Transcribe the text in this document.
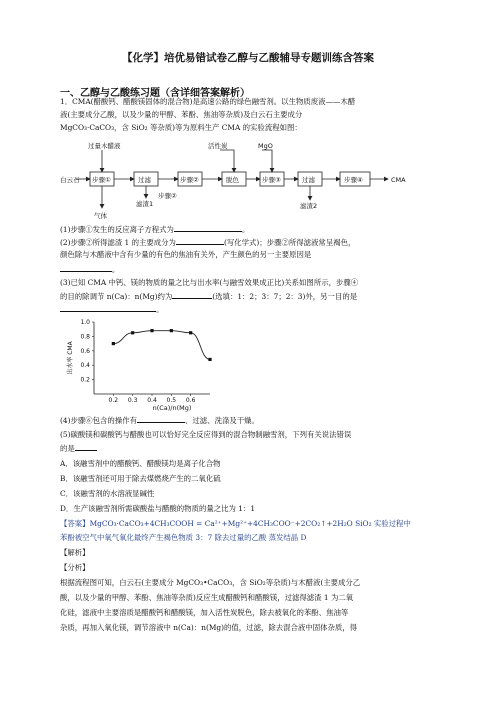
【化学】培优易错试卷乙醇与乙酸辅导专题训练含答案
一、乙醇与乙酸练习题（含详细答案解析）
1．CMA(醋酸钙、醋酸镁固体的混合物)是高速公路的绿色融雪剂。以生物质废液——木醋
液(主要成分乙酸，以及少量的甲醇、苯酚、焦油等杂质)及白云石主要成分
MgCO₃·CaCO₃，含 SiO₂ 等杂质)等为原料生产 CMA 的实验流程如图：
过量木醋液	活性炭	MgO
白云石	CMA
步骤①	过滤	步骤②	脱色	步骤③	过滤	步骤④
气体
滤渣1
步骤②
滤渣2
(1)步骤①发生的反应离子方程式为	。
(2)步骤②所得滤渣 1 的主要成分为	(写化学式)；步骤②所得滤液常呈褐色，
颜色除与木醋液中含有少量的有色的焦油有关外，产生颜色的另一主要原因是
。
(3)已知 CMA 中钙、镁的物质的量之比与出水率(与融雪效果成正比)关系如图所示，步骤④
的目的除调节 n(Ca)：n(Mg)约为	(选填：1：2；3：7；2：3)外，另一目的是
。
1.0
0.8
0.6
0.4
0.2
0.2 0.3 0.4 0.5 0.6
出水率 CMA
n(Ca)/n(Mg)
(4)步骤⑥包含的操作有	、过滤、洗涤及干燥。
(5)碳酸镁和碳酸钙与醋酸也可以恰好完全反应得到的混合物制融雪剂，下列有关说法错误
的是
A．该融雪剂中的醋酸钙、醋酸镁均是离子化合物
B．该融雪剂还可用于除去煤燃烧产生的二氧化硫
C．该融雪剂的水溶液显碱性
D．生产该融雪剂所需碳酸盐与醋酸的物质的量之比为 1：1
【答案】MgCO₃·CaCO₃+4CH₃COOH = Ca²⁺+Mg²⁺+4CH₃COO⁻+2CO₂↑+2H₂O SiO₂ 实验过程中
苯酚被空气中氧气氧化最终产生褐色物质 3：7 除去过量的乙酸 蒸发结晶 D
【解析】
【分析】
根据流程图可知，白云石(主要成分 MgCO₃•CaCO₃，含 SiO₂等杂质)与木醋液(主要成分乙
酸，以及少量的甲醇、苯酚、焦油等杂质)反应生成醋酸钙和醋酸镁，过滤得滤渣 1 为二氧
化硅，滤液中主要溶质是醋酸钙和醋酸镁，加入活性炭脱色，除去被氧化的苯酚、焦油等
杂质，再加入氧化镁，调节溶液中 n(Ca)：n(Mg)的值，过滤，除去混合液中固体杂质，得
